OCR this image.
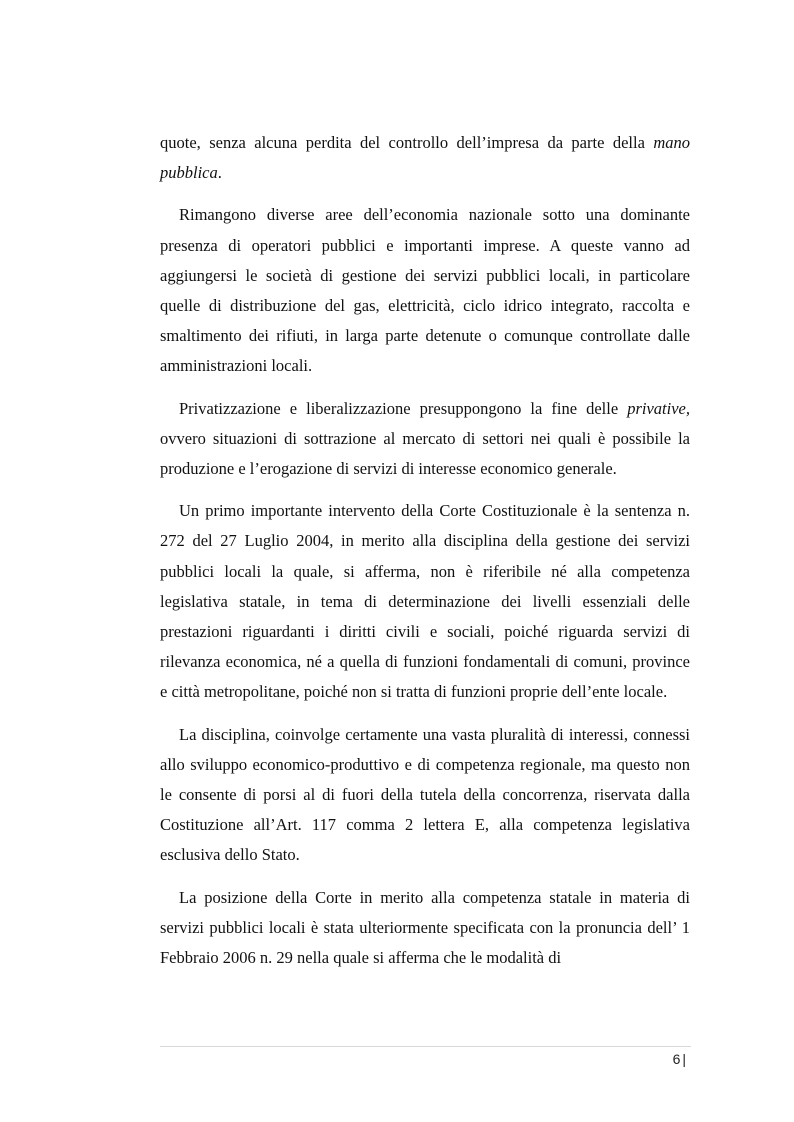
quote, senza alcuna perdita del controllo dell’impresa da parte della mano pubblica.

Rimangono diverse aree dell’economia nazionale sotto una dominante presenza di operatori pubblici e importanti imprese. A queste vanno ad aggiungersi le società di gestione dei servizi pubblici locali, in particolare quelle di distribuzione del gas, elettricità, ciclo idrico integrato, raccolta e smaltimento dei rifiuti, in larga parte detenute o comunque controllate dalle amministrazioni locali.

Privatizzazione e liberalizzazione presuppongono la fine delle privative, ovvero situazioni di sottrazione al mercato di settori nei quali è possibile la produzione e l’erogazione di servizi di interesse economico generale.

Un primo importante intervento della Corte Costituzionale è la sentenza n. 272 del 27 Luglio 2004, in merito alla disciplina della gestione dei servizi pubblici locali la quale, si afferma, non è riferibile né alla competenza legislativa statale, in tema di determinazione dei livelli essenziali delle prestazioni riguardanti i diritti civili e sociali, poiché riguarda servizi di rilevanza economica, né a quella di funzioni fondamentali di comuni, province e città metropolitane, poiché non si tratta di funzioni proprie dell’ente locale.

La disciplina, coinvolge certamente una vasta pluralità di interessi, connessi allo sviluppo economico-produttivo e di competenza regionale, ma questo non le consente di porsi al di fuori della tutela della concorrenza, riservata dalla Costituzione all’Art. 117 comma 2 lettera E, alla competenza legislativa esclusiva dello Stato.

La posizione della Corte in merito alla competenza statale in materia di servizi pubblici locali è stata ulteriormente specificata con la pronuncia dell’ 1 Febbraio 2006 n. 29 nella quale si afferma che le modalità di

6 |
